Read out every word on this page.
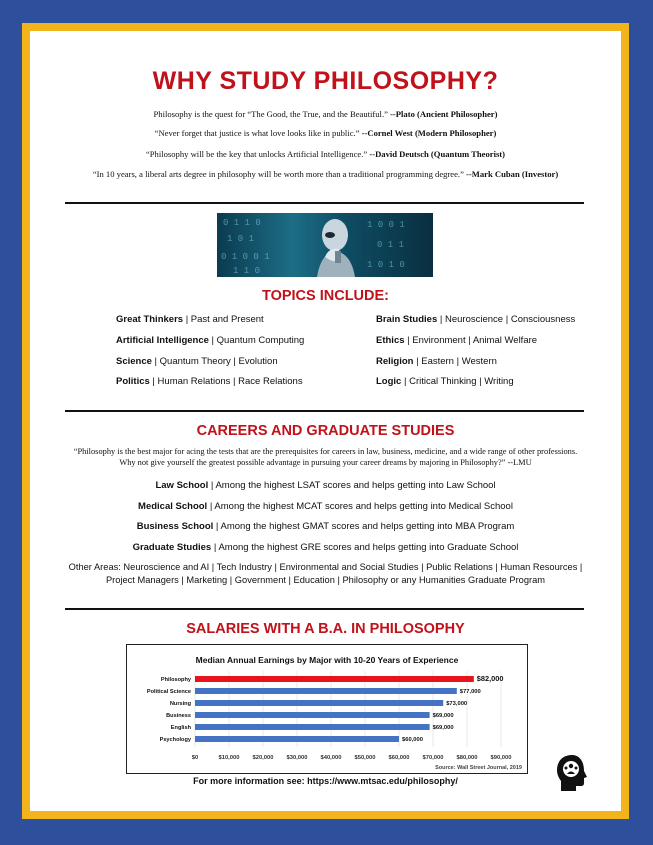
WHY STUDY PHILOSOPHY?
Philosophy is the quest for “The Good, the True, and the Beautiful.” --Plato (Ancient Philosopher)
“Never forget that justice is what love looks like in public.” --Cornel West (Modern Philosopher)
“Philosophy will be the key that unlocks Artificial Intelligence.” --David Deutsch (Quantum Theorist)
“In 10 years, a liberal arts degree in philosophy will be worth more than a traditional programming degree.” --Mark Cuban (Investor)
0 1 1 0
1 0 1
0 1 0 0 1
1 1 0
1 0 0 1
0 1 1
1 0 1 0
TOPICS INCLUDE:
Great Thinkers | Past and Present
Artificial Intelligence | Quantum Computing
Science | Quantum Theory | Evolution
Politics | Human Relations | Race Relations
Brain Studies | Neuroscience | Consciousness
Ethics | Environment | Animal Welfare
Religion | Eastern | Western
Logic | Critical Thinking | Writing
CAREERS AND GRADUATE STUDIES
“Philosophy is the best major for acing the tests that are the prerequisites for careers in law, business, medicine, and a wide range of other professions. Why not give yourself the greatest possible advantage in pursuing your career dreams by majoring in Philosophy?” --LMU
Law School | Among the highest LSAT scores and helps getting into Law School
Medical School | Among the highest MCAT scores and helps getting into Medical School
Business School | Among the highest GMAT scores and helps getting into MBA Program
Graduate Studies | Among the highest GRE scores and helps getting into Graduate School
Other Areas: Neuroscience and AI | Tech Industry | Environmental and Social Studies | Public Relations | Human Resources | Project Managers | Marketing | Government | Education | Philosophy or any Humanities Graduate Program
SALARIES WITH A B.A. IN PHILOSOPHY
Median Annual Earnings by Major with 10-20 Years of Experience
Philosophy
Political Science
Nursing
Business
English
Psychology
$82,000
$77,000
$73,000
$69,000
$69,000
$60,000
$0	$10,000 $20,000 $30,000 $40,000 $50,000 $60,000 $70,000 $80,000 $90,000
Source: Wall Street Journal, 2019
For more information see: https://www.mtsac.edu/philosophy/
